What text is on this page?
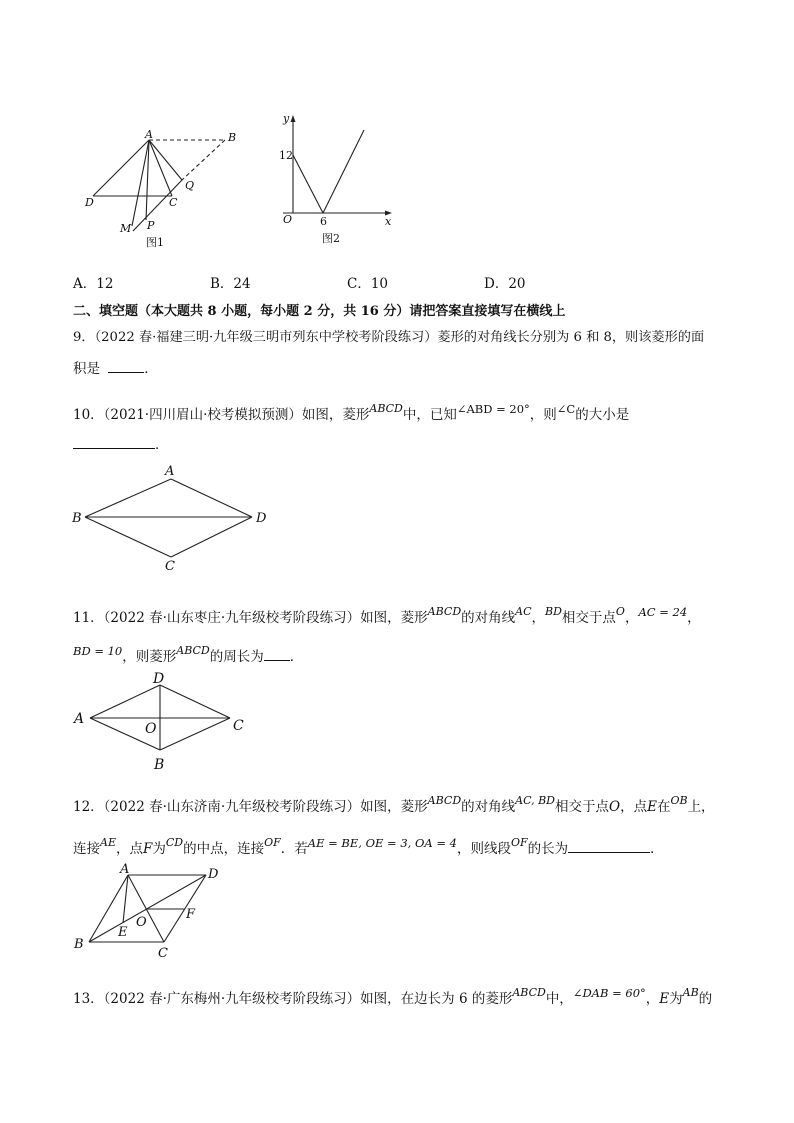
A	B
C
D
M P
Q
图1
y
x
O
12
6
图2
A．12	B．24	C．10	D．20
二、填空题（本大题共 8 小题，每小题 2 分，共 16 分）请把答案直接填写在横线上
9．（2022 春·福建三明·九年级三明市列东中学校考阶段练习）菱形的对角线长分别为 6 和 8，则该菱形的面
积是	．
10．（2021·四川眉山·校考模拟预测）如图，菱形$^{ABCD}$中，已知∠ABD = 20°，则∠C的大小是
．
A
B
C
D
11．（2022 春·山东枣庄·九年级校考阶段练习）如图，菱形$^{ABCD}$的对角线$^{AC}$，$^{BD}$相交于点$^O$，AC = 24，
BD = 10，则菱形$^{ABCD}$的周长为 ．
A
B
C
D
O
12．（2022 春·山东济南·九年级校考阶段练习）如图，菱形$^{ABCD}$的对角线$^{AC, BD}$相交于点O，点E在$^{OB}$上，
连接$^{AE}$，点F为$^{CD}$的中点，连接$^{OF}$．若AE = BE, OE = 3, OA = 4，则线段$^{OF}$的长为	．
A
B
C
D
E
F
O
13．（2022 春·广东梅州·九年级校考阶段练习）如图，在边长为 6 的菱形$^{ABCD}$中，∠DAB = 60°，E为$^{AB}$的
